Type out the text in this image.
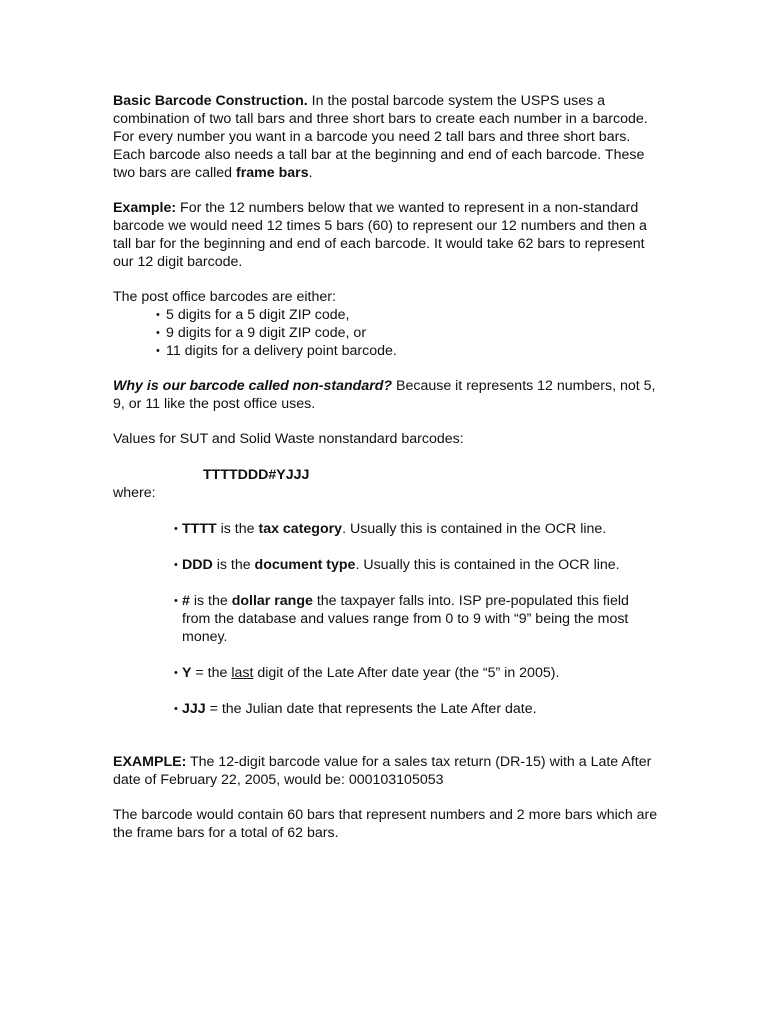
Basic Barcode Construction. In the postal barcode system the USPS uses a combination of two tall bars and three short bars to create each number in a barcode. For every number you want in a barcode you need 2 tall bars and three short bars. Each barcode also needs a tall bar at the beginning and end of each barcode. These two bars are called frame bars.

Example: For the 12 numbers below that we wanted to represent in a non-standard barcode we would need 12 times 5 bars (60) to represent our 12 numbers and then a tall bar for the beginning and end of each barcode. It would take 62 bars to represent our 12 digit barcode.

The post office barcodes are either:

• 5 digits for a 5 digit ZIP code,
• 9 digits for a 9 digit ZIP code, or
• 11 digits for a delivery point barcode.

Why is our barcode called non-standard? Because it represents 12 numbers, not 5, 9, or 11 like the post office uses.

Values for SUT and Solid Waste nonstandard barcodes:

TTTTDDD#YJJJ

where:

• TTTT is the tax category. Usually this is contained in the OCR line.
• DDD is the document type. Usually this is contained in the OCR line.
• # is the dollar range the taxpayer falls into. ISP pre-populated this field from the database and values range from 0 to 9 with “9” being the most money.
• Y = the last digit of the Late After date year (the “5” in 2005).
• JJJ = the Julian date that represents the Late After date.

EXAMPLE: The 12-digit barcode value for a sales tax return (DR-15) with a Late After date of February 22, 2005, would be: 000103105053

The barcode would contain 60 bars that represent numbers and 2 more bars which are the frame bars for a total of 62 bars.
